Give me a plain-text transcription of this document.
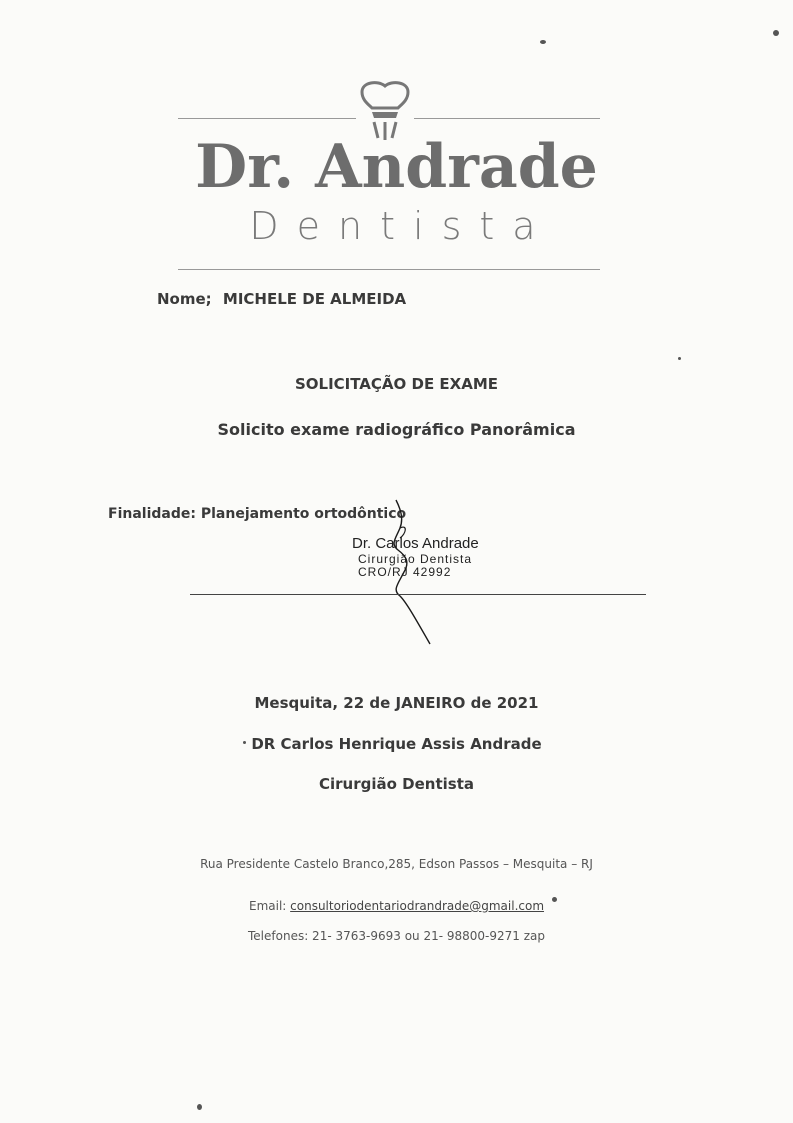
Dr. Andrade
Dentista
Nome; MICHELE DE ALMEIDA
SOLICITAÇÃO DE EXAME
Solicito exame radiográfico Panorâmica
Finalidade: Planejamento ortodôntico
Dr. Carlos Andrade
Cirurgião Dentista
CRO/RJ 42992
Mesquita, 22 de JANEIRO de 2021
DR Carlos Henrique Assis Andrade
Cirurgião Dentista
Rua Presidente Castelo Branco,285, Edson Passos – Mesquita – RJ
Email: consultoriodentariodrandrade@gmail.com
Telefones: 21- 3763-9693 ou 21- 98800-9271 zap
